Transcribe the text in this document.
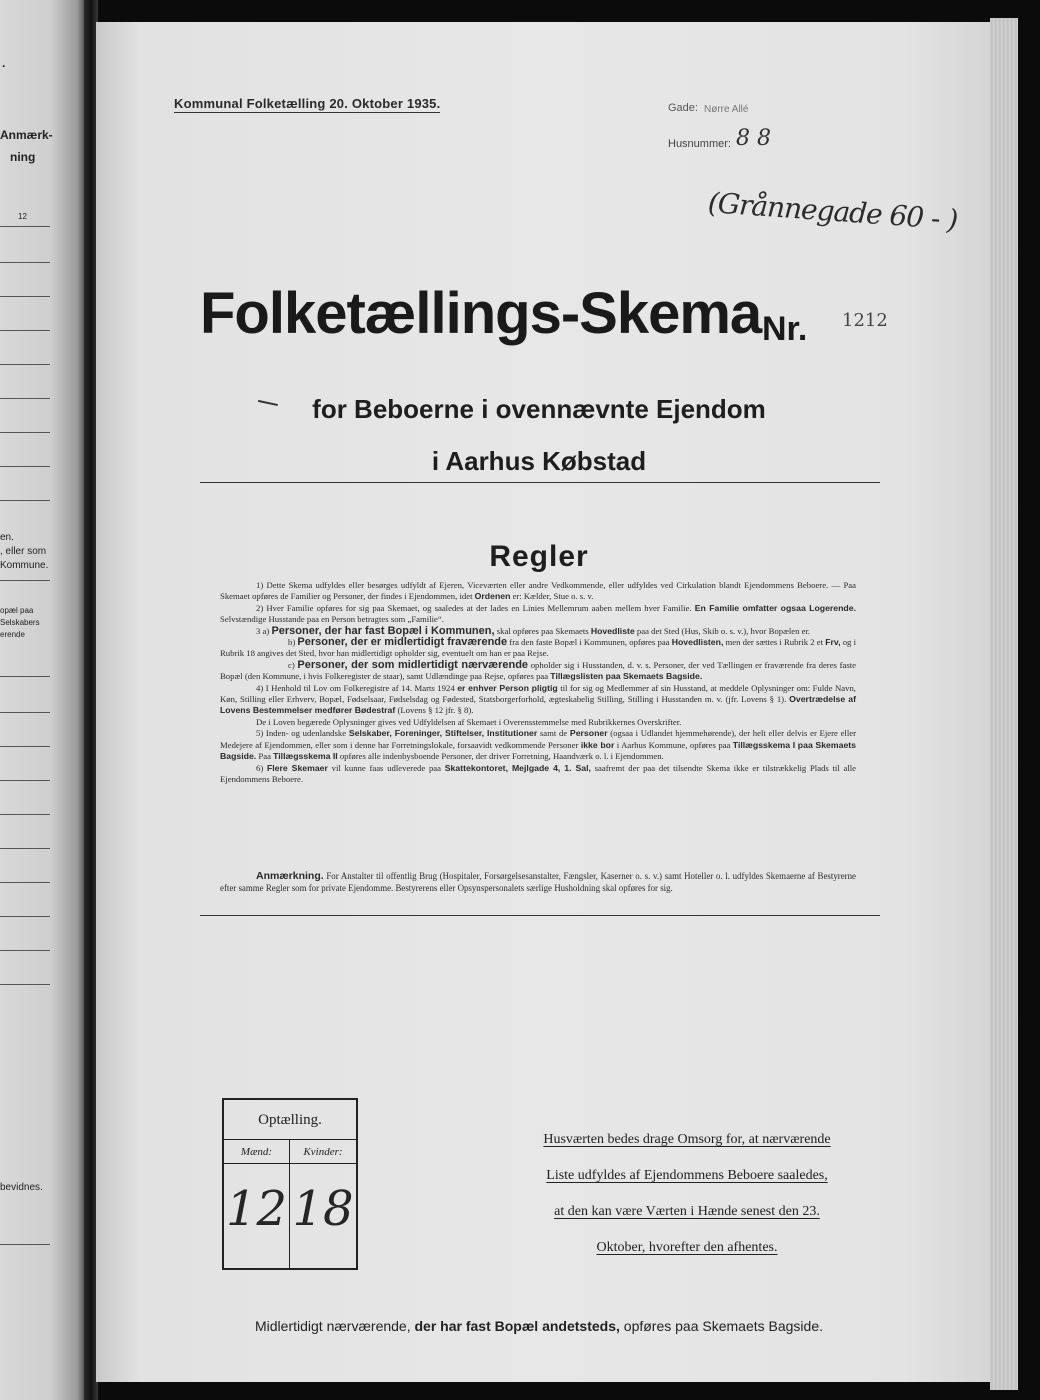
.
Anmærk-
ning
12
en.
, eller som
Kommune.
opæl paa
Selskabers
erende
bevidnes.
Kommunal Folketælling 20. Oktober 1935.	Gade: Nørre Allé
Husnummer: 8 8
(Grånnegade 60 - )
Folketællings-Skema Nr. 1212
for Beboerne i ovennævnte Ejendom
i Aarhus Købstad
Regler

1) Dette Skema udfyldes eller besørges udfyldt af Ejeren, Viceværten eller andre Vedkommende, eller udfyldes ved Cirkulation blandt Ejendommens Beboere. — Paa Skemaet opføres de Familier og Personer, der findes i Ejendommen, idet Ordenen er: Kælder, Stue o. s. v.

2) Hver Familie opføres for sig paa Skemaet, og saaledes at der lades en Linies Mellemrum aaben mellem hver Familie. En Familie omfatter ogsaa Logerende. Selvstændige Husstande paa en Person betragtes som „Familie“.

3 a) Personer, der har fast Bopæl i Kommunen, skal opføres paa Skemaets Hovedliste paa det Sted (Hus, Skib o. s. v.), hvor Bopælen er.

b) Personer, der er midlertidigt fraværende fra den faste Bopæl i Kommunen, opføres paa Hovedlisten, men der sættes i Rubrik 2 et Frv, og i Rubrik 18 angives det Sted, hvor han midlertidigt opholder sig, eventuelt om han er paa Rejse.

c) Personer, der som midlertidigt nærværende opholder sig i Husstanden, d. v. s. Personer, der ved Tællingen er fraværende fra deres faste Bopæl (den Kommune, i hvis Folkeregister de staar), samt Udlændinge paa Rejse, opføres paa Tillægslisten paa Skemaets Bagside.

4) I Henhold til Lov om Folkeregistre af 14. Marts 1924 er enhver Person pligtig til for sig og Medlemmer af sin Husstand, at meddele Oplysninger om: Fulde Navn, Køn, Stilling eller Erhverv, Bopæl, Fødselsaar, Fødselsdag og Fødested, Statsborgerforhold, ægteskabelig Stilling, Stilling i Husstanden m. v. (jfr. Lovens § 1). Overtrædelse af Lovens Bestemmelser medfører Bødestraf (Lovens § 12 jfr. § 8).

De i Loven begærede Oplysninger gives ved Udfyldelsen af Skemaet i Overensstemmelse med Rubrikkernes Overskrifter.

5) Inden- og udenlandske Selskaber, Foreninger, Stiftelser, Institutioner samt de Personer (ogsaa i Udlandet hjemmehørende), der helt eller delvis er Ejere eller Medejere af Ejendommen, eller som i denne har Forretningslokale, forsaavidt vedkommende Personer ikke bor i Aarhus Kommune, opføres paa Tillægsskema I paa Skemaets Bagside. Paa Tillægsskema II opføres alle indenbysboende Personer, der driver Forretning, Haandværk o. l. i Ejendommen.

6) Flere Skemaer vil kunne faas udleverede paa Skattekontoret, Mejlgade 4, 1. Sal, saafremt der paa det tilsendte Skema ikke er tilstrækkelig Plads til alle Ejendommens Beboere.

Anmærkning. For Anstalter til offentlig Brug (Hospitaler, Forsørgelsesanstalter, Fængsler, Kaserner o. s. v.) samt Hoteller o. l. udfyldes Skemaerne af Bestyrerne efter samme Regler som for private Ejendomme. Bestyrerens eller Opsynspersonalets særlige Husholdning skal opføres for sig.

Optælling.
Mænd:
12
Kvinder:
18
Husværten bedes drage Omsorg for, at nærværende
Liste udfyldes af Ejendommens Beboere saaledes,
at den kan være Værten i Hænde senest den 23.
Oktober, hvorefter den afhentes.
Midlertidigt nærværende, der har fast Bopæl andetsteds, opføres paa Skemaets Bagside.
